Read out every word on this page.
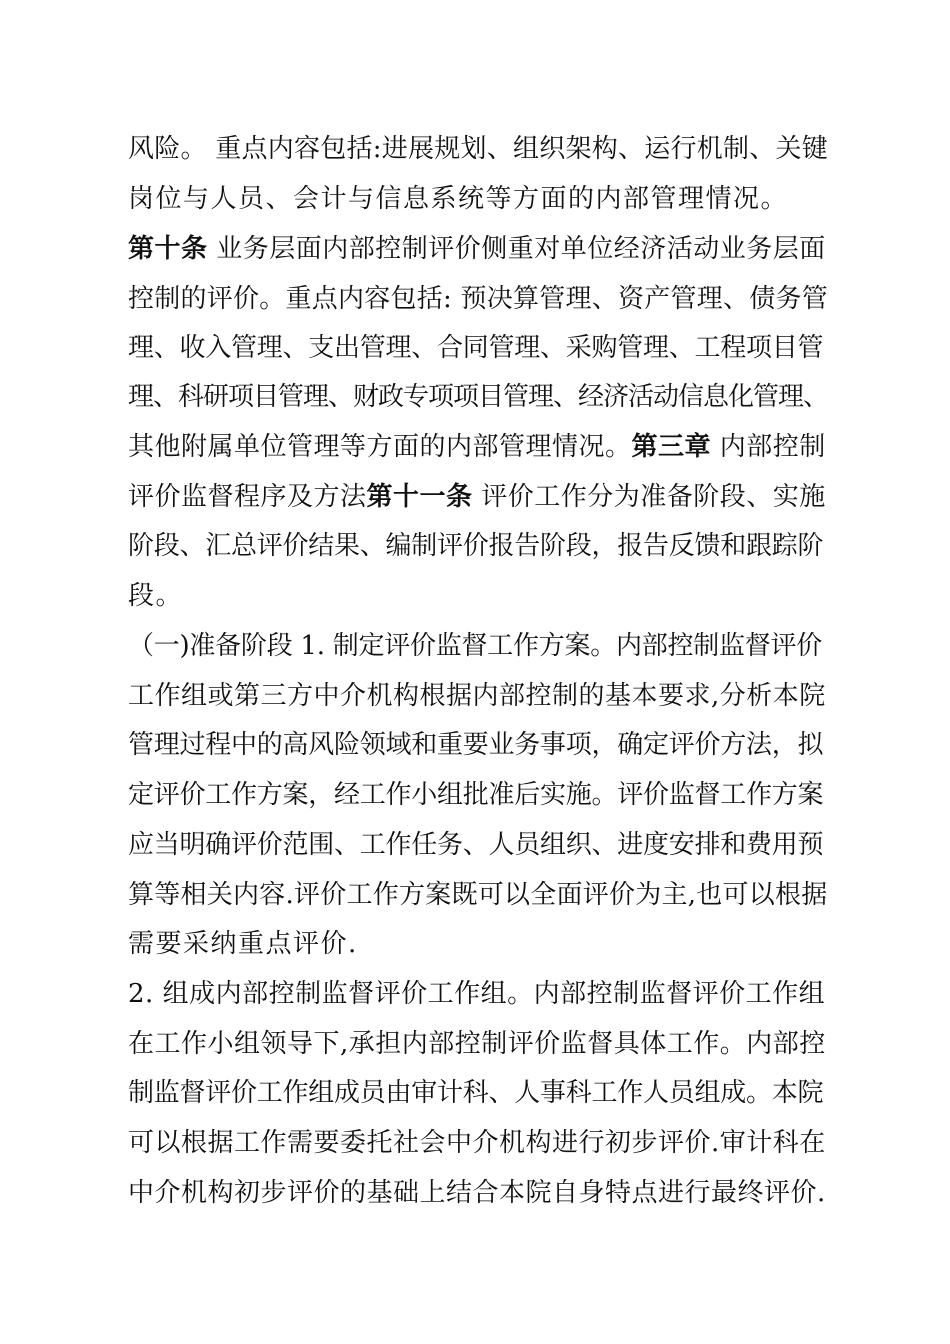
风险。 重点内容包括:进展规划、组织架构、运行机制、关键
岗位与人员、会计与信息系统等方面的内部管理情况。
第十条 业务层面内部控制评价侧重对单位经济活动业务层面
控制的评价。重点内容包括: 预决算管理、资产管理、债务管
理、收入管理、支出管理、合同管理、采购管理、工程项目管
理、科研项目管理、财政专项项目管理、经济活动信息化管理、
其他附属单位管理等方面的内部管理情况。第三章 内部控制
评价监督程序及方法第十一条 评价工作分为准备阶段、实施
阶段、汇总评价结果、编制评价报告阶段，报告反馈和跟踪阶
段。
（一)准备阶段 1. 制定评价监督工作方案。内部控制监督评价
工作组或第三方中介机构根据内部控制的基本要求,分析本院
管理过程中的高风险领域和重要业务事项，确定评价方法，拟
定评价工作方案，经工作小组批准后实施。评价监督工作方案
应当明确评价范围、工作任务、人员组织、进度安排和费用预
算等相关内容.评价工作方案既可以全面评价为主,也可以根据
需要采纳重点评价.
2. 组成内部控制监督评价工作组。内部控制监督评价工作组
在工作小组领导下,承担内部控制评价监督具体工作。内部控
制监督评价工作组成员由审计科、人事科工作人员组成。本院
可以根据工作需要委托社会中介机构进行初步评价.审计科在
中介机构初步评价的基础上结合本院自身特点进行最终评价.
